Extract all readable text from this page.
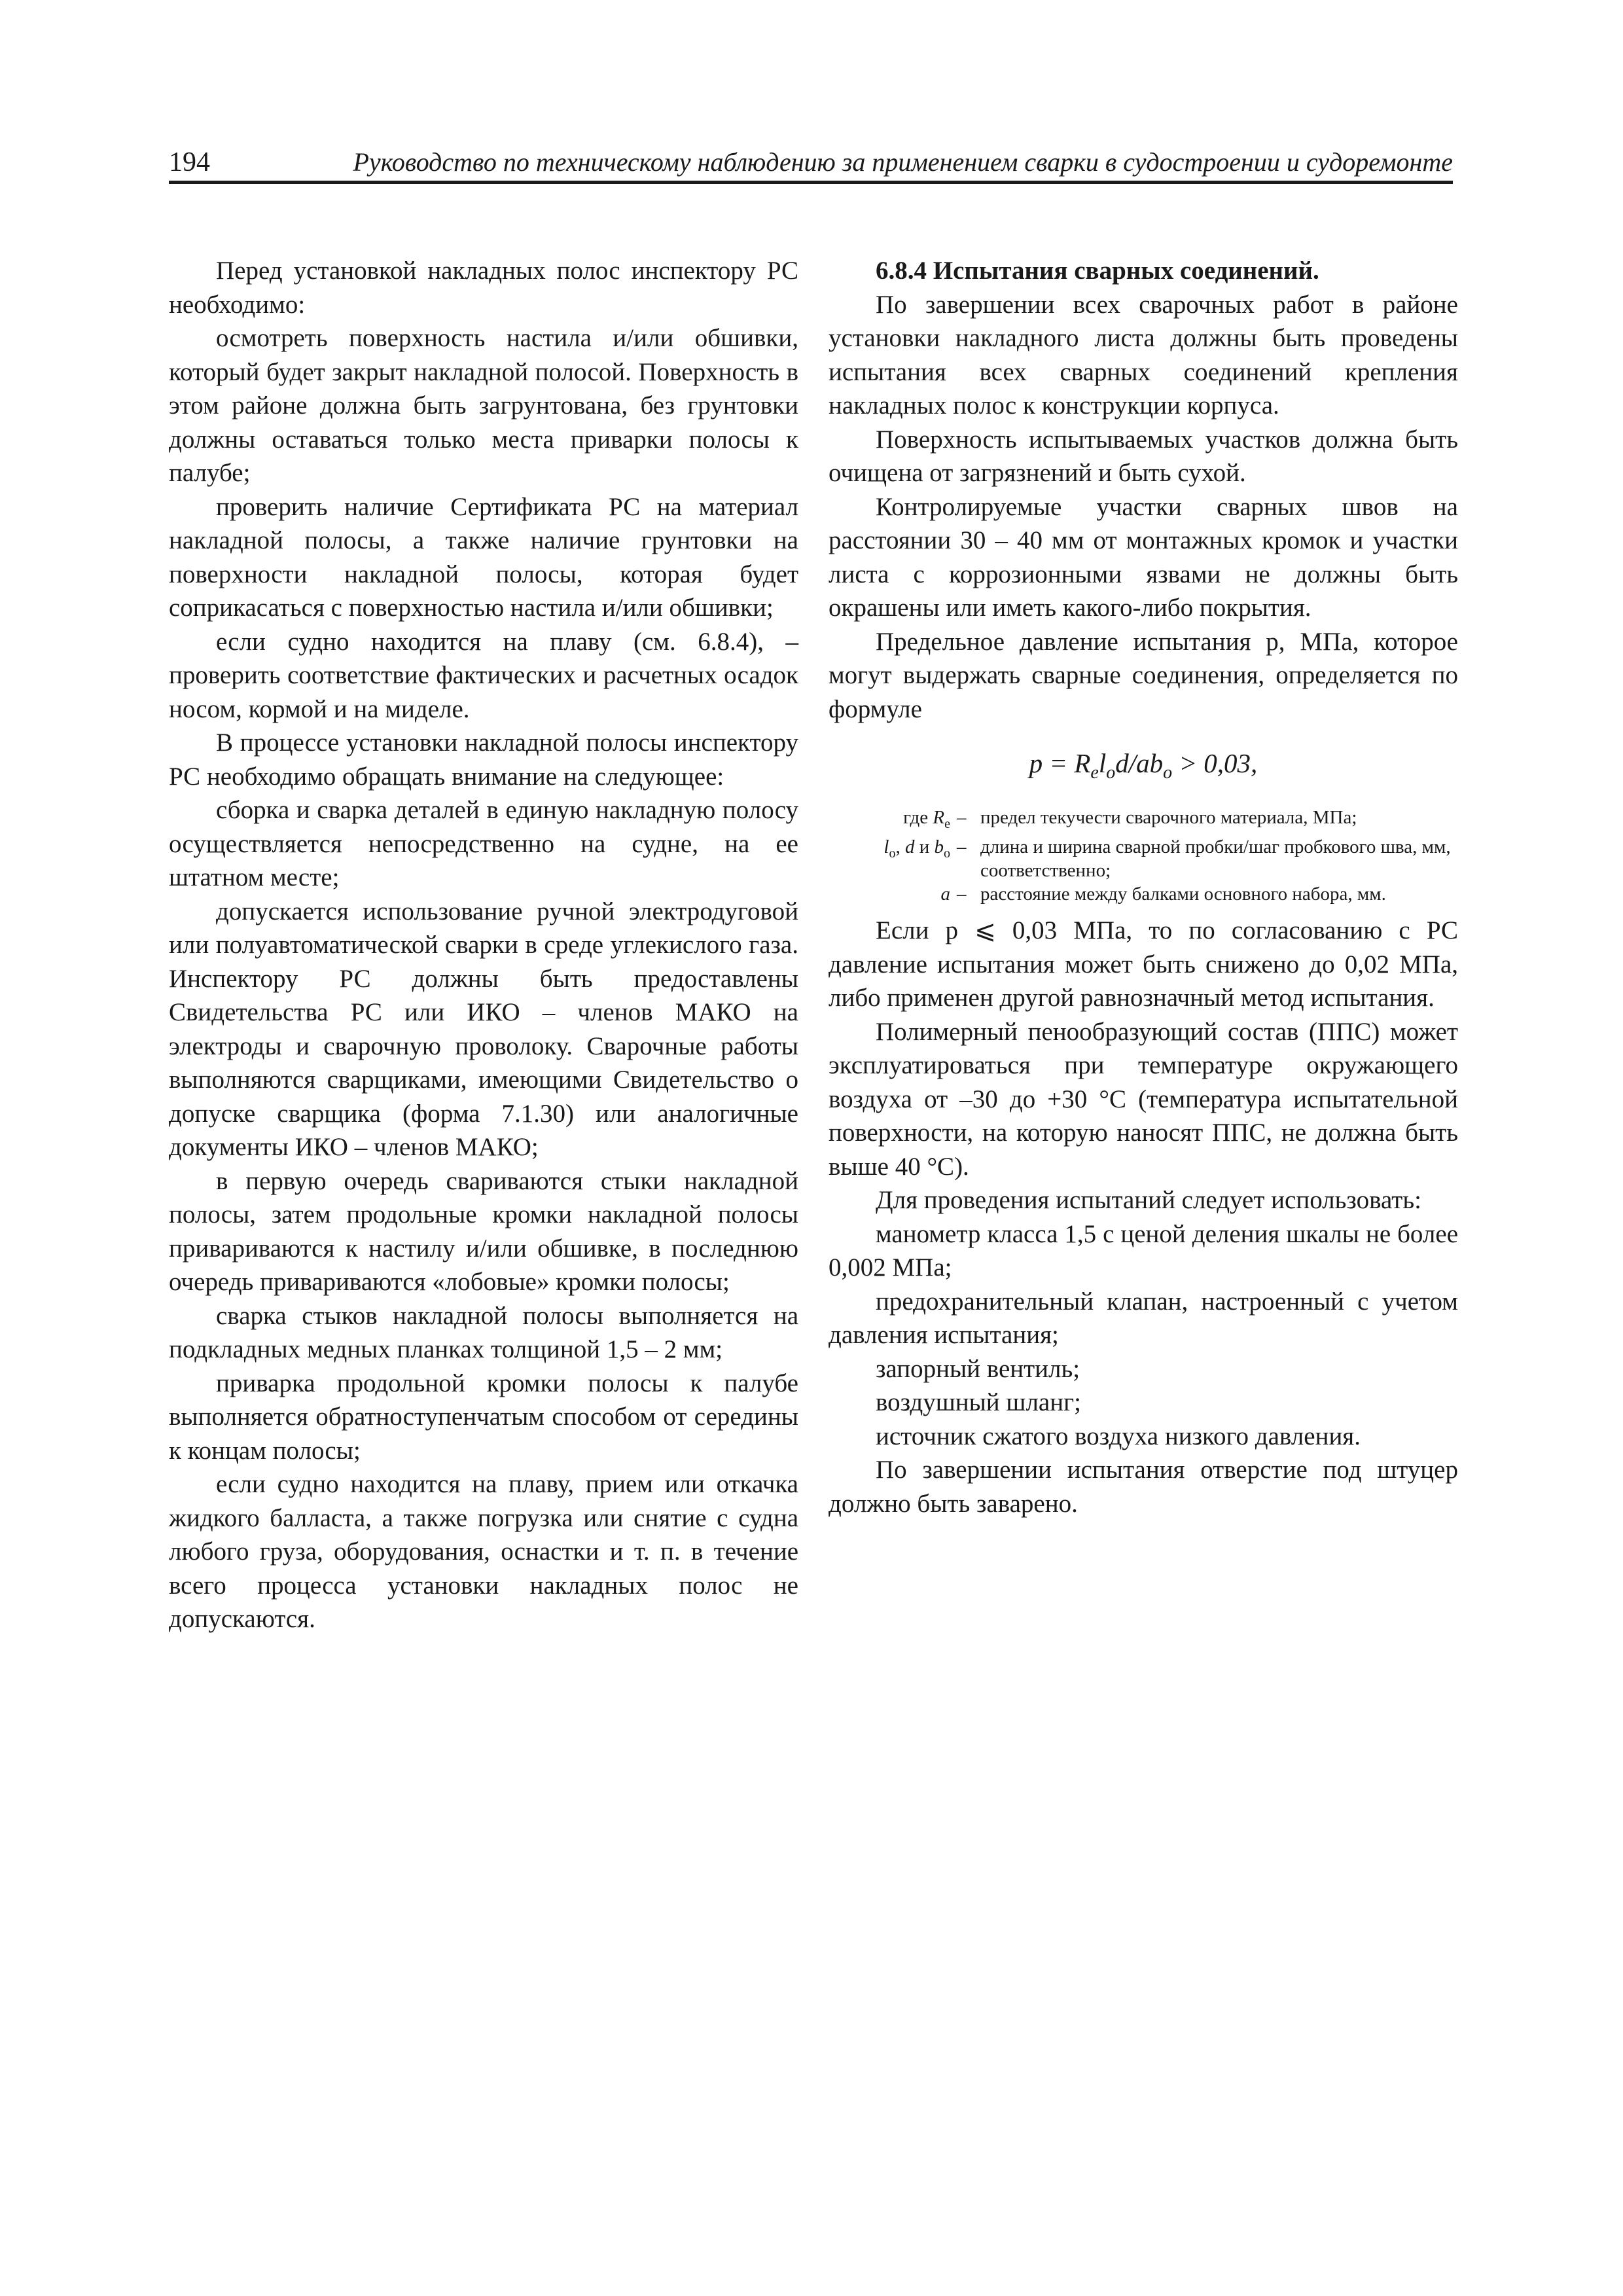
194	Руководство по техническому наблюдению за применением сварки в судостроении и судоремонте

Перед установкой накладных полос инспектору РС необходимо:

осмотреть поверхность настила и/или обшивки, который будет закрыт накладной полосой. Поверхность в этом районе должна быть загрунтована, без грунтовки должны оставаться только места приварки полосы к палубе;

проверить наличие Сертификата РС на материал накладной полосы, а также наличие грунтовки на поверхности накладной полосы, которая будет соприкасаться с поверхностью настила и/или обшивки;

если судно находится на плаву (см. 6.8.4), – проверить соответствие фактических и расчетных осадок носом, кормой и на миделе.

В процессе установки накладной полосы инспектору РС необходимо обращать внимание на следующее:

сборка и сварка деталей в единую накладную полосу осуществляется непосредственно на судне, на ее штатном месте;

допускается использование ручной электродуговой или полуавтоматической сварки в среде углекислого газа. Инспектору РС должны быть предоставлены Свидетельства РС или ИКО – членов МАКО на электроды и сварочную проволоку. Сварочные работы выполняются сварщиками, имеющими Свидетельство о допуске сварщика (форма 7.1.30) или аналогичные документы ИКО – членов МАКО;

в первую очередь свариваются стыки накладной полосы, затем продольные кромки накладной полосы привариваются к настилу и/или обшивке, в последнюю очередь привариваются «лобовые» кромки полосы;

сварка стыков накладной полосы выполняется на подкладных медных планках толщиной 1,5 – 2 мм;

приварка продольной кромки полосы к палубе выполняется обратноступенчатым способом от середины к концам полосы;

если судно находится на плаву, прием или откачка жидкого балласта, а также погрузка или снятие с судна любого груза, оборудования, оснастки и т. п. в течение всего процесса установки накладных полос не допускаются.

6.8.4 Испытания сварных соединений.

По завершении всех сварочных работ в районе установки накладного листа должны быть проведены испытания всех сварных соединений крепления накладных полос к конструкции корпуса.

Поверхность испытываемых участков должна быть очищена от загрязнений и быть сухой.

Контролируемые участки сварных швов на расстоянии 30 – 40 мм от монтажных кромок и участки листа с коррозионными язвами не должны быть окрашены или иметь какого-либо покрытия.

Предельное давление испытания p, МПа, которое могут выдержать сварные соединения, определяется по формуле

$p = R_el_od/ab_o > 0,03$,
где $R_e$ – предел текучести сварочного материала, МПа;
$l_o$, d и $b_o$ – длина и ширина сварной пробки/шаг пробкового шва, мм, соответственно;
a – расстояние между балками основного набора, мм.

Если p ⩽ 0,03 МПа, то по согласованию с РС давление испытания может быть снижено до 0,02 МПа, либо применен другой равнозначный метод испытания.

Полимерный пенообразующий состав (ППС) может эксплуатироваться при температуре окружающего воздуха от –30 до +30 °С (температура испытательной поверхности, на которую наносят ППС, не должна быть выше 40 °С).

Для проведения испытаний следует использовать:

манометр класса 1,5 с ценой деления шкалы не более 0,002 МПа;

предохранительный клапан, настроенный с учетом давления испытания;

запорный вентиль;

воздушный шланг;

источник сжатого воздуха низкого давления.

По завершении испытания отверстие под штуцер должно быть заварено.
